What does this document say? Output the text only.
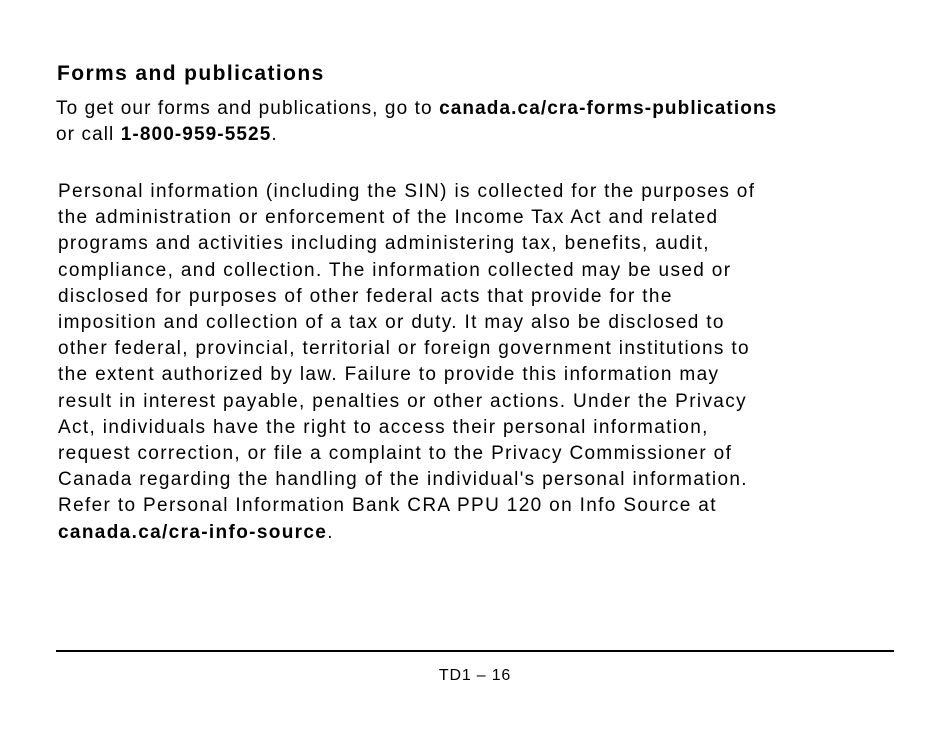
Forms and publications

To get our forms and publications, go to canada.ca/cra-forms-publications
or call 1-800-959-5525.

Personal information (including the SIN) is collected for the purposes of
the administration or enforcement of the Income Tax Act and related
programs and activities including administering tax, benefits, audit,
compliance, and collection. The information collected may be used or
disclosed for purposes of other federal acts that provide for the
imposition and collection of a tax or duty. It may also be disclosed to
other federal, provincial, territorial or foreign government institutions to
the extent authorized by law. Failure to provide this information may
result in interest payable, penalties or other actions. Under the Privacy
Act, individuals have the right to access their personal information,
request correction, or file a complaint to the Privacy Commissioner of
Canada regarding the handling of the individual's personal information.
Refer to Personal Information Bank CRA PPU 120 on Info Source at
canada.ca/cra-info-source.

TD1 – 16
